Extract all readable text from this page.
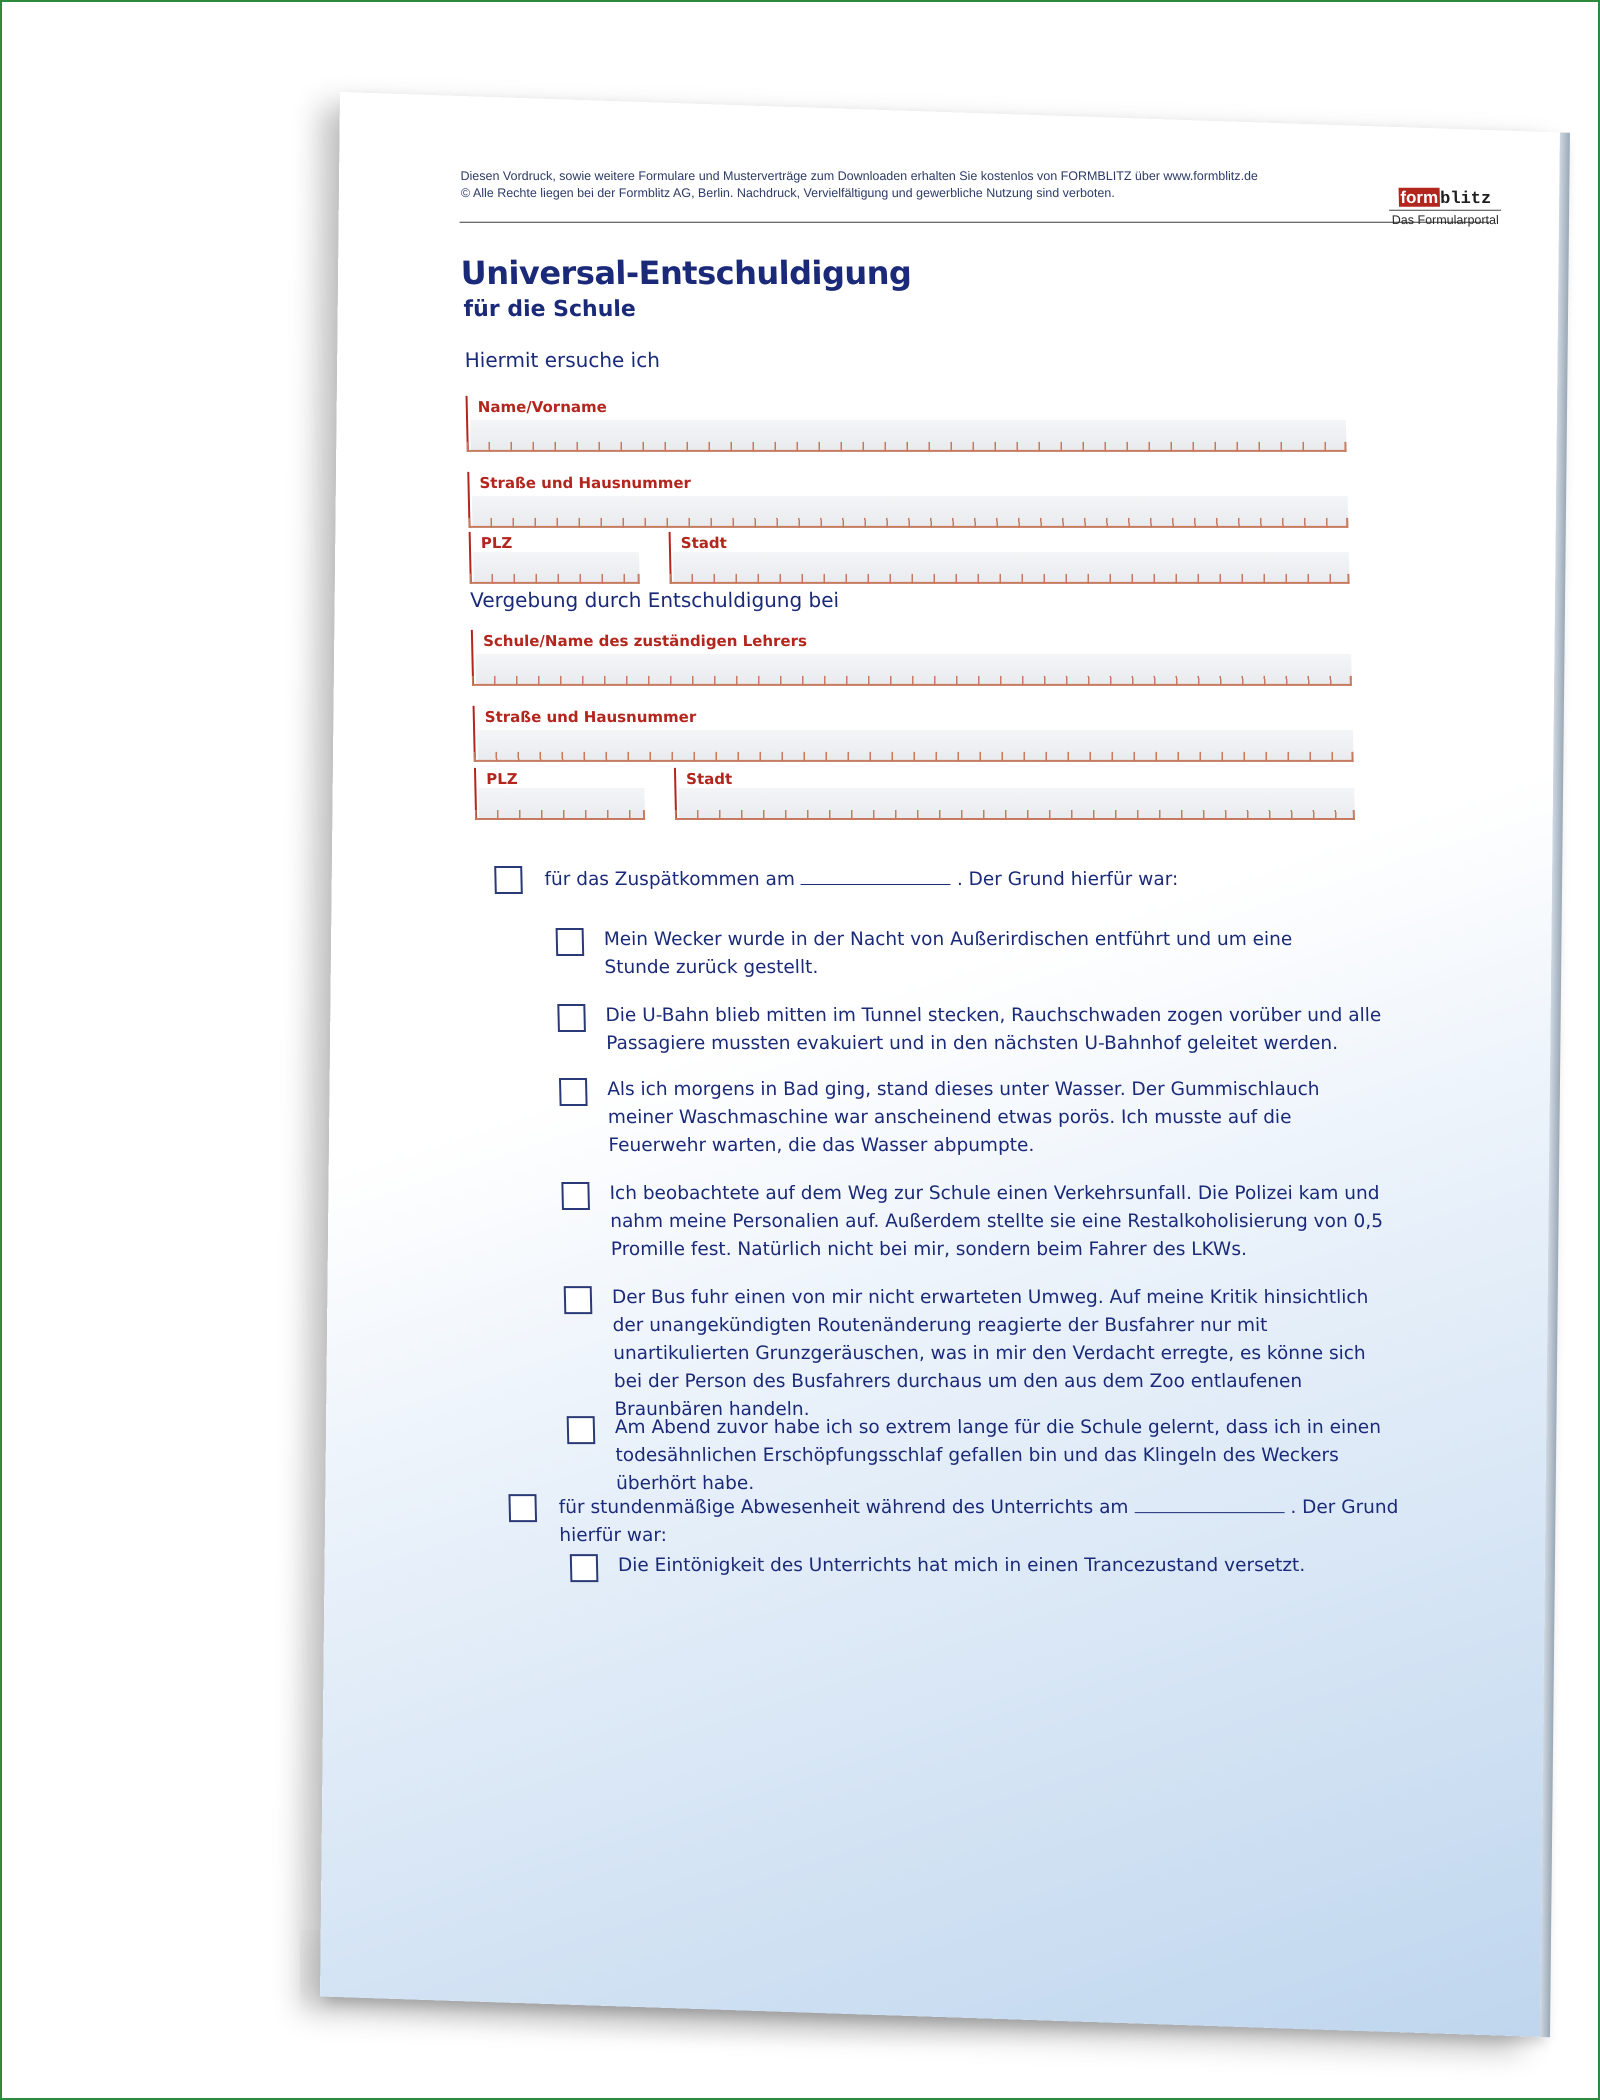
Diesen Vordruck, sowie weitere Formulare und Musterverträge zum Downloaden erhalten Sie kostenlos von FORMBLITZ über www.formblitz.de
© Alle Rechte liegen bei der Formblitz AG, Berlin. Nachdruck, Vervielfältigung und gewerbliche Nutzung sind verboten.	formblitz
Das Formularportal
Universal-Entschuldigung
für die Schule
Hiermit ersuche ich
Name/Vorname
Straße und Hausnummer
PLZ	Stadt
Vergebung durch Entschuldigung bei
Schule/Name des zuständigen Lehrers
Straße und Hausnummer
PLZ	Stadt
für das Zuspätkommen am	. Der Grund hierfür war:
Mein Wecker wurde in der Nacht von Außerirdischen entführt und um eine Stunde zurück gestellt.
Die U-Bahn blieb mitten im Tunnel stecken, Rauchschwaden zogen vorüber und alle Passagiere mussten evakuiert und in den nächsten U-Bahnhof geleitet werden.
Als ich morgens in Bad ging, stand dieses unter Wasser. Der Gummischlauch meiner Waschmaschine war anscheinend etwas porös. Ich musste auf die Feuerwehr warten, die das Wasser abpumpte.
Ich beobachtete auf dem Weg zur Schule einen Verkehrsunfall. Die Polizei kam und nahm meine Personalien auf. Außerdem stellte sie eine Restalkoholisierung von 0,5 Promille fest. Natürlich nicht bei mir, sondern beim Fahrer des LKWs.
Der Bus fuhr einen von mir nicht erwarteten Umweg. Auf meine Kritik hinsichtlich der unangekündigten Routenänderung reagierte der Busfahrer nur mit unartikulierten Grunzgeräuschen, was in mir den Verdacht erregte, es könne sich bei der Person des Busfahrers durchaus um den aus dem Zoo entlaufenen Braunbären handeln.
Am Abend zuvor habe ich so extrem lange für die Schule gelernt, dass ich in einen todesähnlichen Erschöpfungsschlaf gefallen bin und das Klingeln des Weckers überhört habe.
für stundenmäßige Abwesenheit während des Unterrichts am	. Der Grund hierfür war:
Die Eintönigkeit des Unterrichts hat mich in einen Trancezustand versetzt.
